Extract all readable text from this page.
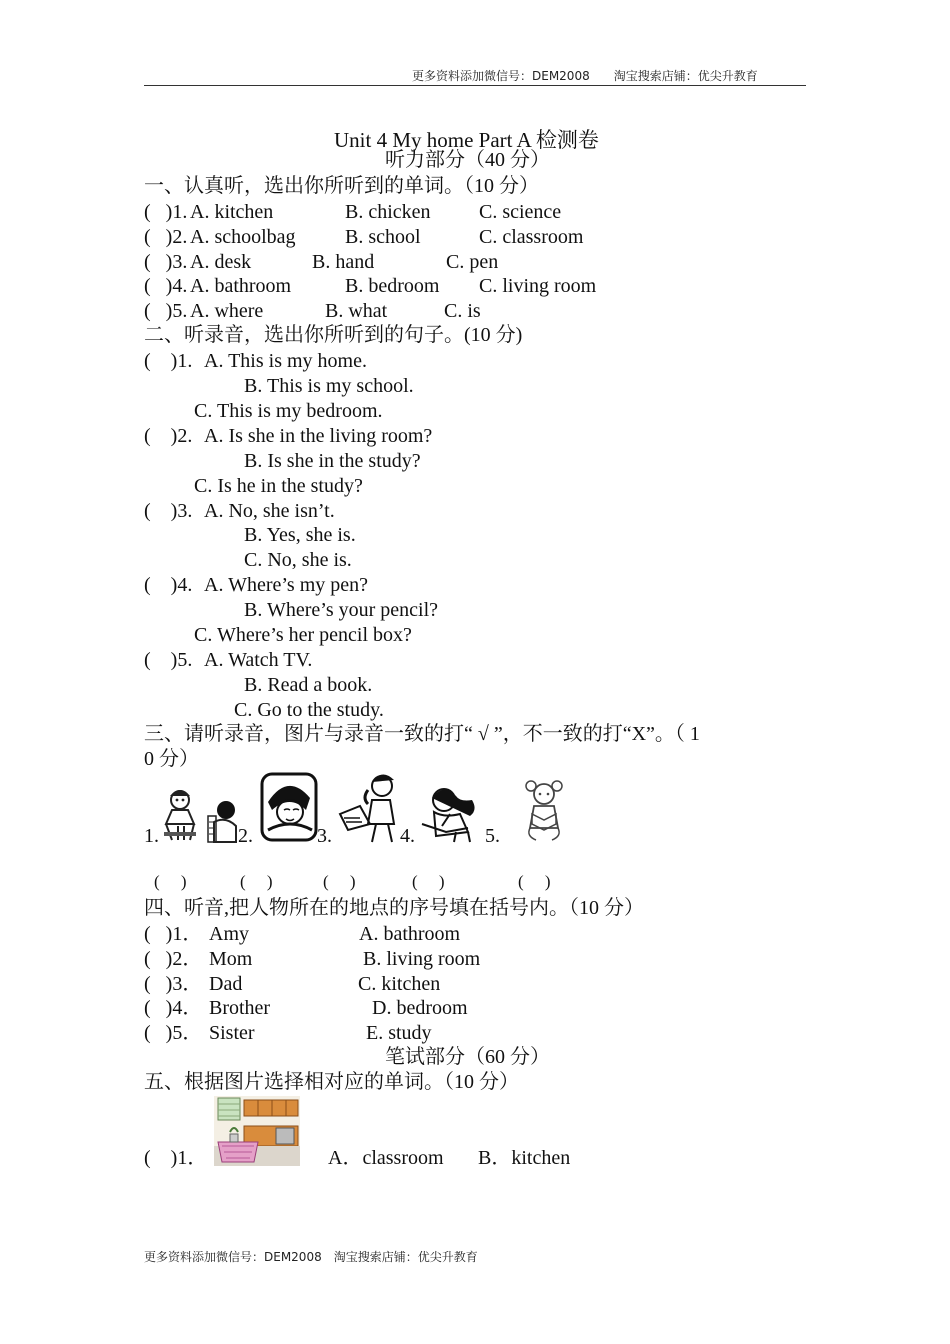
更多资料添加微信号：DEM2008　　淘宝搜索店铺：优尖升教育
Unit 4 My home Part A 检测卷
听力部分（40 分）
一、认真听，选出你所听到的单词。（10 分）
(   )1. A. kitchen	B. chicken C. science
(   )2. A. schoolbag B. school	C. classroom
(   )3. A. desk	B. hand	C. pen
(   )4. A. bathroom	B. bedroom C. living room
(   )5. A. where	B. what	C. is
二、听录音，选出你所听到的句子。(10 分)
(    )1. A. This is my home.
B. This is my school.
C. This is my bedroom.
(    )2. A. Is she in the living room?
B. Is she in the study?
C. Is he in the study?
(    )3. A. No, she isn’t.
B. Yes, she is.
C. No, she is.
(    )4. A. Where’s my pen?
B. Where’s your pencil?
C. Where’s her pencil box?
(    )5. A. Watch TV.
B. Read a book.
C. Go to the study.
三、请听录音，图片与录音一致的打“ √ ”，不一致的打“X”。（ 1
0 分）
1.	2.	3.	4.	5.
(     )	(     )	(     )	(     )	(     )
四、听音,把人物所在的地点的序号填在括号内。（10 分）
(   )1． Amy	A. bathroom
(   )2． Mom	B. living room
(   )3． Dad	C. kitchen
(   )4． Brother	D. bedroom
(   )5． Sister	E. study
笔试部分（60 分）
五、根据图片选择相对应的单词。（10 分）
(    )1．	A．classroom B．kitchen
更多资料添加微信号：DEM2008　淘宝搜索店铺：优尖升教育
